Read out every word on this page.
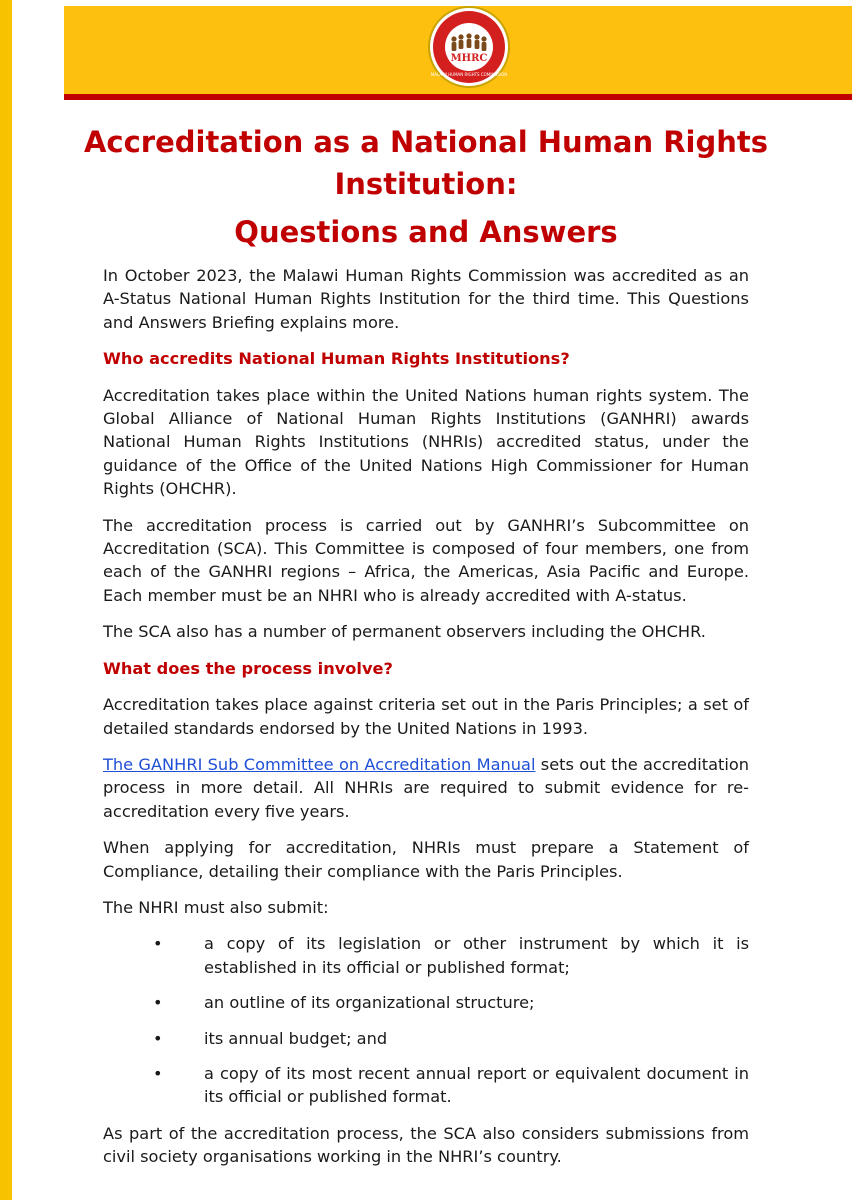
MHRC
MALAWI HUMAN RIGHTS COMMISSION
Accreditation as a National Human Rights Institution:
Questions and Answers

In October 2023, the Malawi Human Rights Commission was accredited as an A-Status National Human Rights Institution for the third time. This Questions and Answers Briefing explains more.

Who accredits National Human Rights Institutions?

Accreditation takes place within the United Nations human rights system. The Global Alliance of National Human Rights Institutions (GANHRI) awards National Human Rights Institutions (NHRIs) accredited status, under the guidance of the Office of the United Nations High Commissioner for Human Rights (OHCHR).

The accreditation process is carried out by GANHRI’s Subcommittee on Accreditation (SCA). This Committee is composed of four members, one from each of the GANHRI regions – Africa, the Americas, Asia Pacific and Europe. Each member must be an NHRI who is already accredited with A-status.

The SCA also has a number of permanent observers including the OHCHR.

What does the process involve?

Accreditation takes place against criteria set out in the Paris Principles; a set of detailed standards endorsed by the United Nations in 1993.

The GANHRI Sub Committee on Accreditation Manual sets out the accreditation process in more detail. All NHRIs are required to submit evidence for re-accreditation every five years.

When applying for accreditation, NHRIs must prepare a Statement of Compliance, detailing their compliance with the Paris Principles.

The NHRI must also submit:

•	a copy of its legislation or other instrument by which it is established in its official or published format;
•	an outline of its organizational structure;
•	its annual budget; and
•	a copy of its most recent annual report or equivalent document in its official or published format.

As part of the accreditation process, the SCA also considers submissions from civil society organisations working in the NHRI’s country.
